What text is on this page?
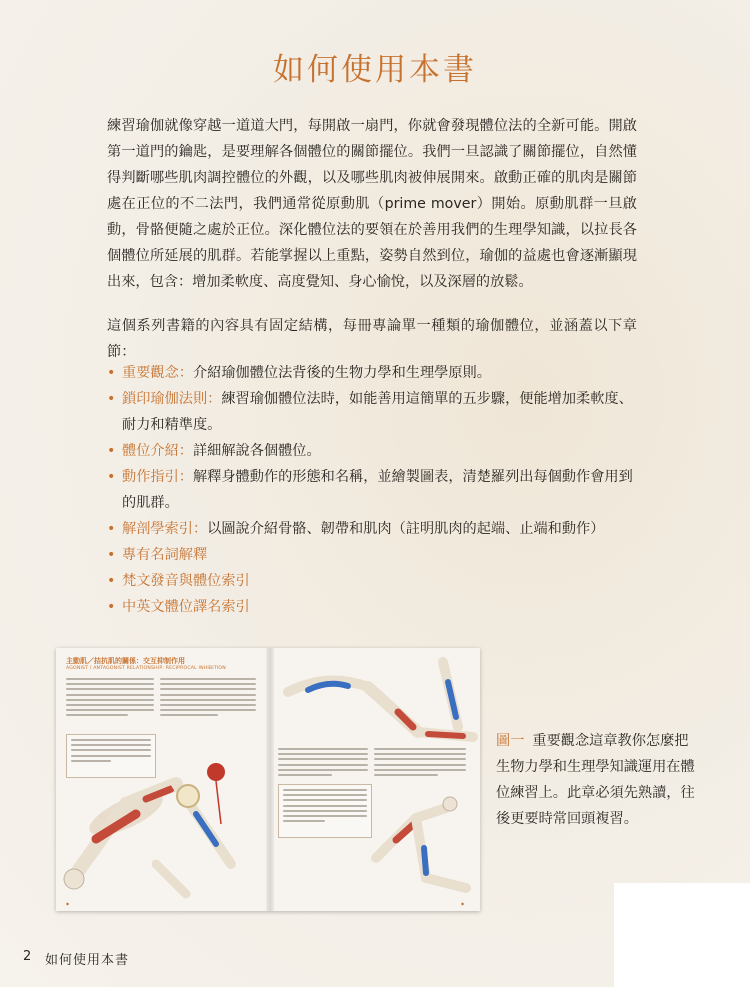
如何使用本書

練習瑜伽就像穿越一道道大門，每開啟一扇門，你就會發現體位法的全新可能。開啟第一道門的鑰匙，是要理解各個體位的關節擺位。我們一旦認識了關節擺位，自然懂得判斷哪些肌肉調控體位的外觀，以及哪些肌肉被伸展開來。啟動正確的肌肉是關節處在正位的不二法門，我們通常從原動肌（prime mover）開始。原動肌群一旦啟動，骨骼便隨之處於正位。深化體位法的要領在於善用我們的生理學知識，以拉長各個體位所延展的肌群。若能掌握以上重點，姿勢自然到位，瑜伽的益處也會逐漸顯現出來，包含：增加柔軟度、高度覺知、身心愉悅，以及深層的放鬆。

這個系列書籍的內容具有固定結構，每冊專論單一種類的瑜伽體位，並涵蓋以下章節：

• 重要觀念：介紹瑜伽體位法背後的生物力學和生理學原則。
• 鎖印瑜伽法則：練習瑜伽體位法時，如能善用這簡單的五步驟，便能增加柔軟度、耐力和精準度。
• 體位介紹：詳細解說各個體位。
• 動作指引：解釋身體動作的形態和名稱，並繪製圖表，清楚羅列出每個動作會用到的肌群。
• 解剖學索引：以圖說介紹骨骼、韌帶和肌肉（註明肌肉的起端、止端和動作）
• 專有名詞解釋
• 梵文發音與體位索引
• 中英文體位譯名索引
主動肌／拮抗肌的關係：交互抑制作用
AGONIST / ANTAGONIST RELATIONSHIP: RECIPROCAL INHIBITION
◆	◆

圖一 重要觀念這章教你怎麼把生物力學和生理學知識運用在體位練習上。此章必須先熟讀，往後更要時常回頭複習。

2 如何使用本書
